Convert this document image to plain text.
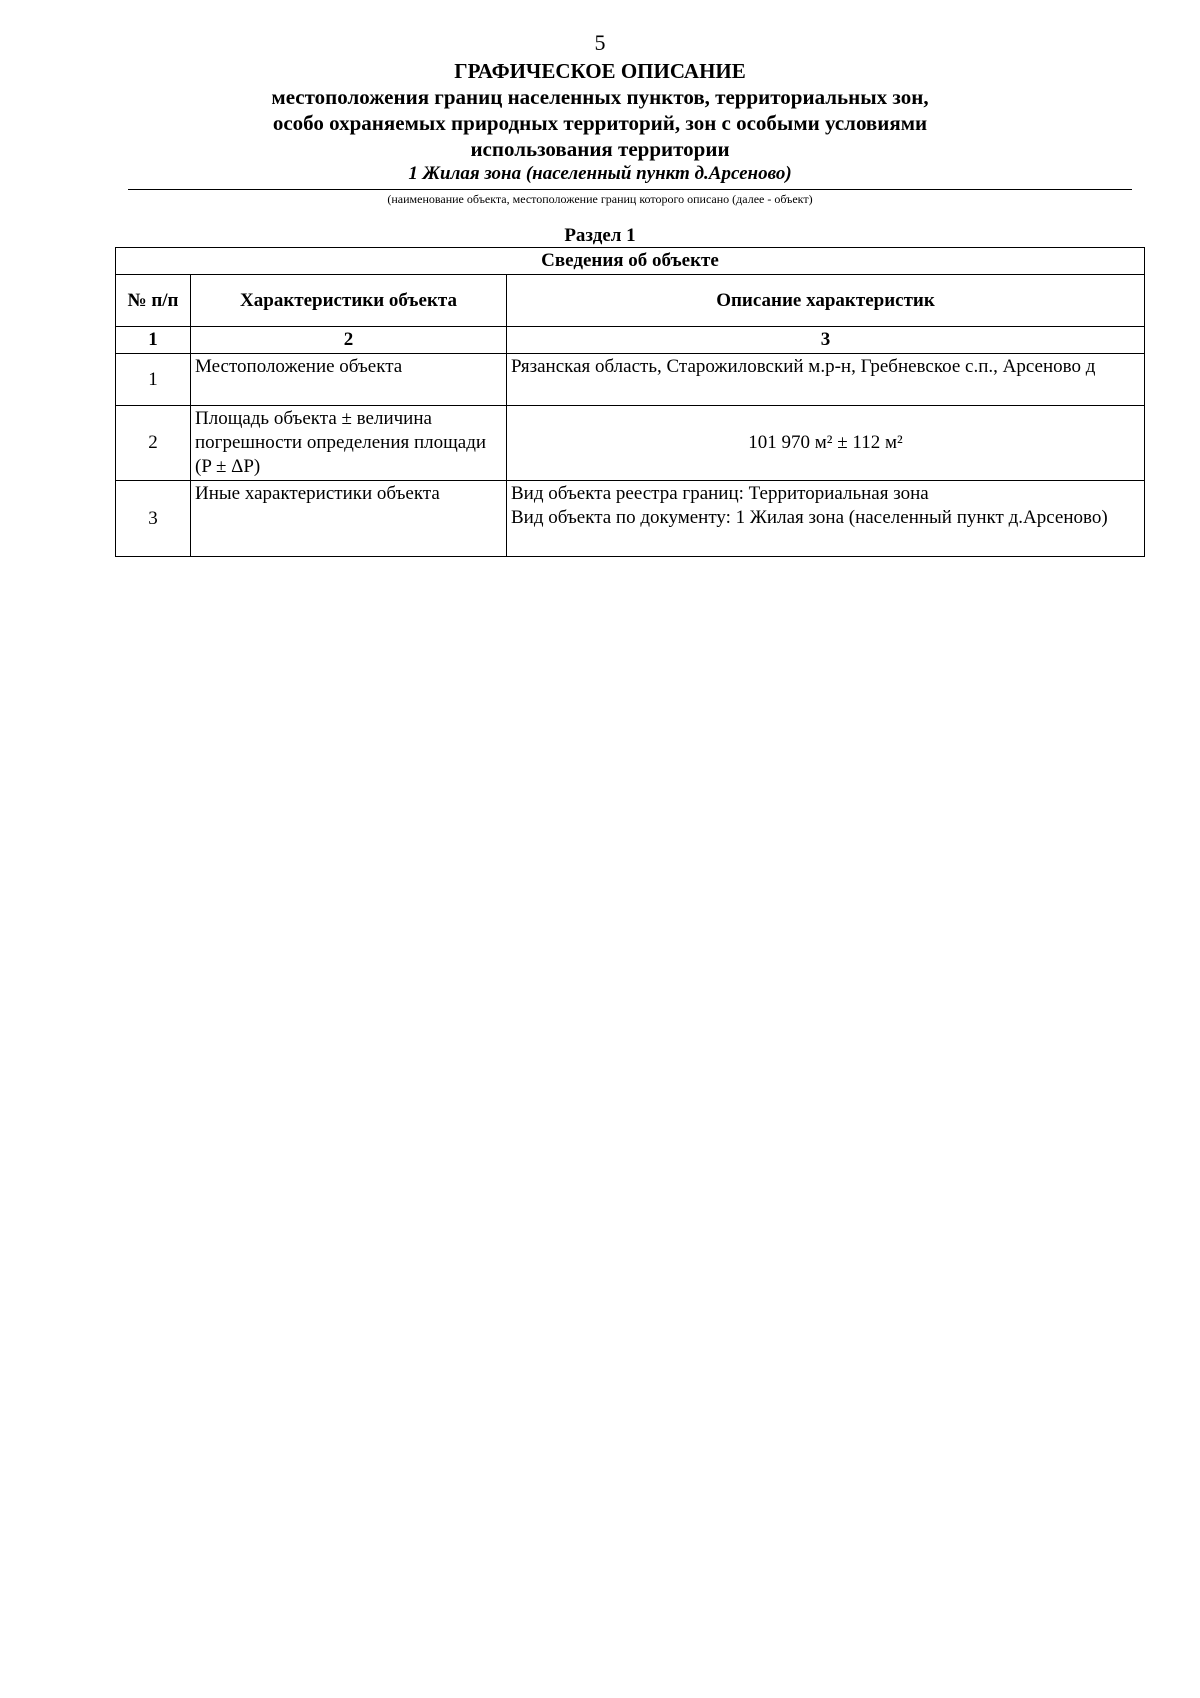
5
ГРАФИЧЕСКОЕ ОПИСАНИЕ
местоположения границ населенных пунктов, территориальных зон, особо охраняемых природных территорий, зон с особыми условиями использования территории
1 Жилая зона (населенный пункт д.Арсеново)
(наименование объекта, местоположение границ которого описано (далее - объект)
Раздел 1
Сведения об объекте		
№ п/п	Характеристики объекта	Описание характеристик
1	2	3
1	Местоположение объекта	Рязанская область, Старожиловский м.р-н, Гребневское с.п., Арсеново д
2	Площадь объекта ± величина погрешности определения площади (P ± ΔP)	101 970 м² ± 112 м²
3	Иные характеристики объекта	Вид объекта реестра границ: Территориальная зона
Вид объекта по документу: 1 Жилая зона (населенный пункт д.Арсеново)
